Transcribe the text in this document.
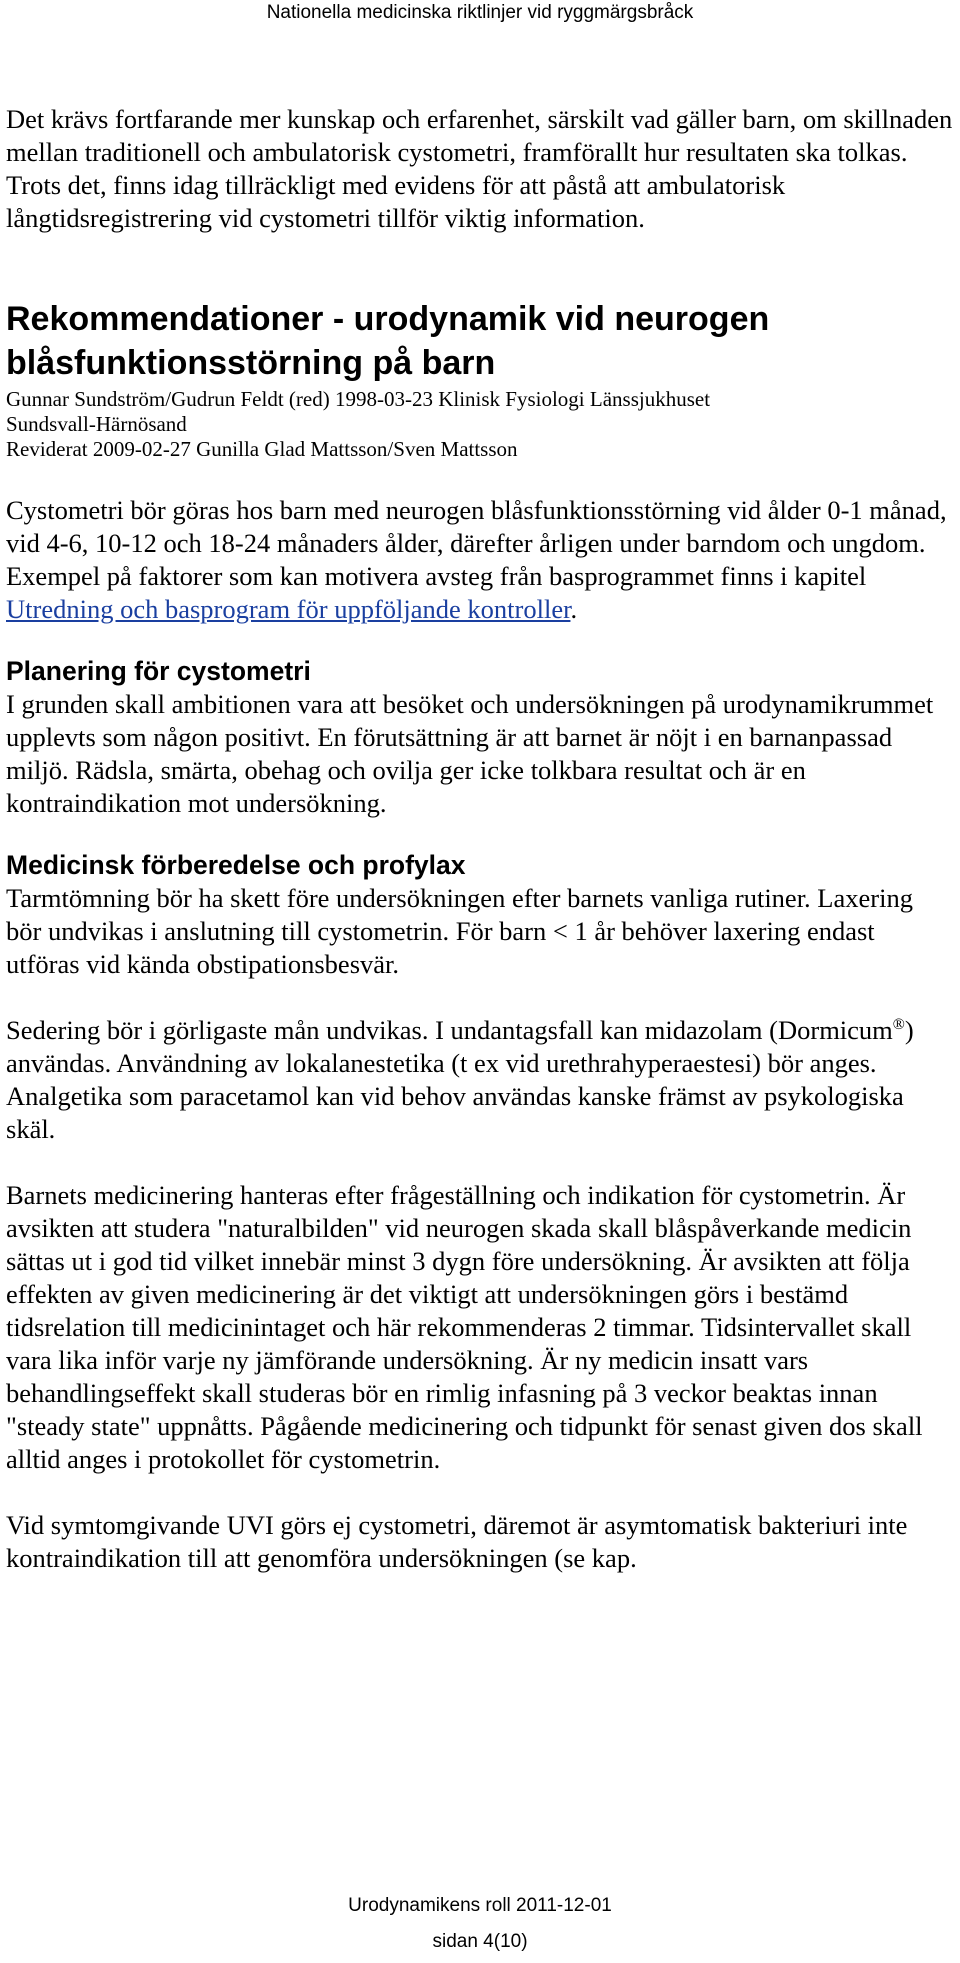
Nationella medicinska riktlinjer vid ryggmärgsbråck

Det krävs fortfarande mer kunskap och erfarenhet, särskilt vad gäller barn, om skillnaden mellan traditionell och ambulatorisk cystometri, framförallt hur resultaten ska tolkas. Trots det, finns idag tillräckligt med evidens för att påstå att ambulatorisk långtidsregistrering vid cystometri tillför viktig information.

Rekommendationer - urodynamik vid neurogen
blåsfunktionsstörning på barn
Gunnar Sundström/Gudrun Feldt (red) 1998-03-23 Klinisk Fysiologi Länssjukhuset
Sundsvall-Härnösand
Reviderat 2009-02-27 Gunilla Glad Mattsson/Sven Mattsson

Cystometri bör göras hos barn med neurogen blåsfunktionsstörning vid ålder 0-1 månad, vid 4-6, 10-12 och 18-24 månaders ålder, därefter årligen under barndom och ungdom. Exempel på faktorer som kan motivera avsteg från basprogrammet finns i kapitel Utredning och basprogram för uppföljande kontroller.

Planering för cystometri

I grunden skall ambitionen vara att besöket och undersökningen på urodynamikrummet upplevts som någon positivt. En förutsättning är att barnet är nöjt i en barnanpassad miljö. Rädsla, smärta, obehag och ovilja ger icke tolkbara resultat och är en kontraindikation mot undersökning.

Medicinsk förberedelse och profylax

Tarmtömning bör ha skett före undersökningen efter barnets vanliga rutiner. Laxering bör undvikas i anslutning till cystometrin. För barn < 1 år behöver laxering endast utföras vid kända obstipationsbesvär.

Sedering bör i görligaste mån undvikas. I undantagsfall kan midazolam (Dormicum®) användas. Användning av lokalanestetika (t ex vid urethrahyperaestesi) bör anges. Analgetika som paracetamol kan vid behov användas kanske främst av psykologiska skäl.

Barnets medicinering hanteras efter frågeställning och indikation för cystometrin. Är avsikten att studera "naturalbilden" vid neurogen skada skall blåspåverkande medicin sättas ut i god tid vilket innebär minst 3 dygn före undersökning. Är avsikten att följa effekten av given medicinering är det viktigt att undersökningen görs i bestämd tidsrelation till medicinintaget och här rekommenderas 2 timmar. Tidsintervallet skall vara lika inför varje ny jämförande undersökning. Är ny medicin insatt vars behandlingseffekt skall studeras bör en rimlig infasning på 3 veckor beaktas innan "steady state" uppnåtts. Pågående medicinering och tidpunkt för senast given dos skall alltid anges i protokollet för cystometrin.

Vid symtomgivande UVI görs ej cystometri, däremot är asymtomatisk bakteriuri inte kontraindikation till att genomföra undersökningen (se kap.

Urodynamikens roll 2011-12-01
sidan 4(10)
